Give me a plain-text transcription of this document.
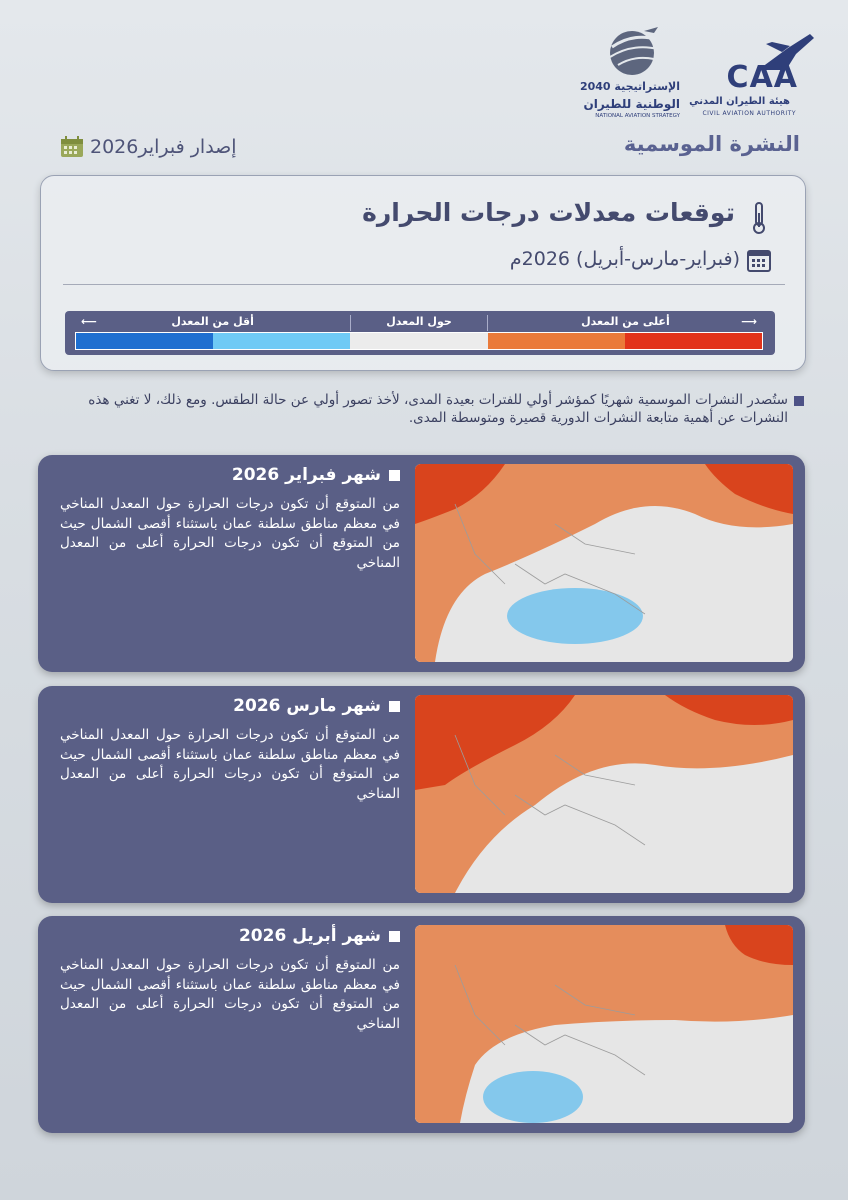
CAA
هيئة الطيران المدني
CIVIL AVIATION AUTHORITY
الإستراتيجية 2040
الوطنية للطيران
NATIONAL AVIATION STRATEGY
النشرة الموسمية
إصدار فبراير2026
توقعات معدلات درجات الحرارة
(فبراير-مارس-أبريل) 2026م
⟶
أعلى من المعدل
حول المعدل
أقل من المعدل
⟵
ستُصدر النشرات الموسمية شهريًا كمؤشر أولي للفترات بعيدة المدى، لأخذ تصور أولي عن حالة الطقس. ومع ذلك، لا تغني هذه النشرات عن أهمية متابعة النشرات الدورية قصيرة ومتوسطة المدى.
شهر فبراير 2026
من المتوقع أن تكون درجات الحرارة حول المعدل المناخي في معظم مناطق سلطنة عمان باستثناء أقصى الشمال حيث من المتوقع أن تكون درجات الحرارة أعلى من المعدل المناخي
شهر مارس 2026
من المتوقع أن تكون درجات الحرارة حول المعدل المناخي في معظم مناطق سلطنة عمان باستثناء أقصى الشمال حيث من المتوقع أن تكون درجات الحرارة أعلى من المعدل المناخي
شهر أبريل 2026
من المتوقع أن تكون درجات الحرارة حول المعدل المناخي في معظم مناطق سلطنة عمان باستثناء أقصى الشمال حيث من المتوقع أن تكون درجات الحرارة أعلى من المعدل المناخي
